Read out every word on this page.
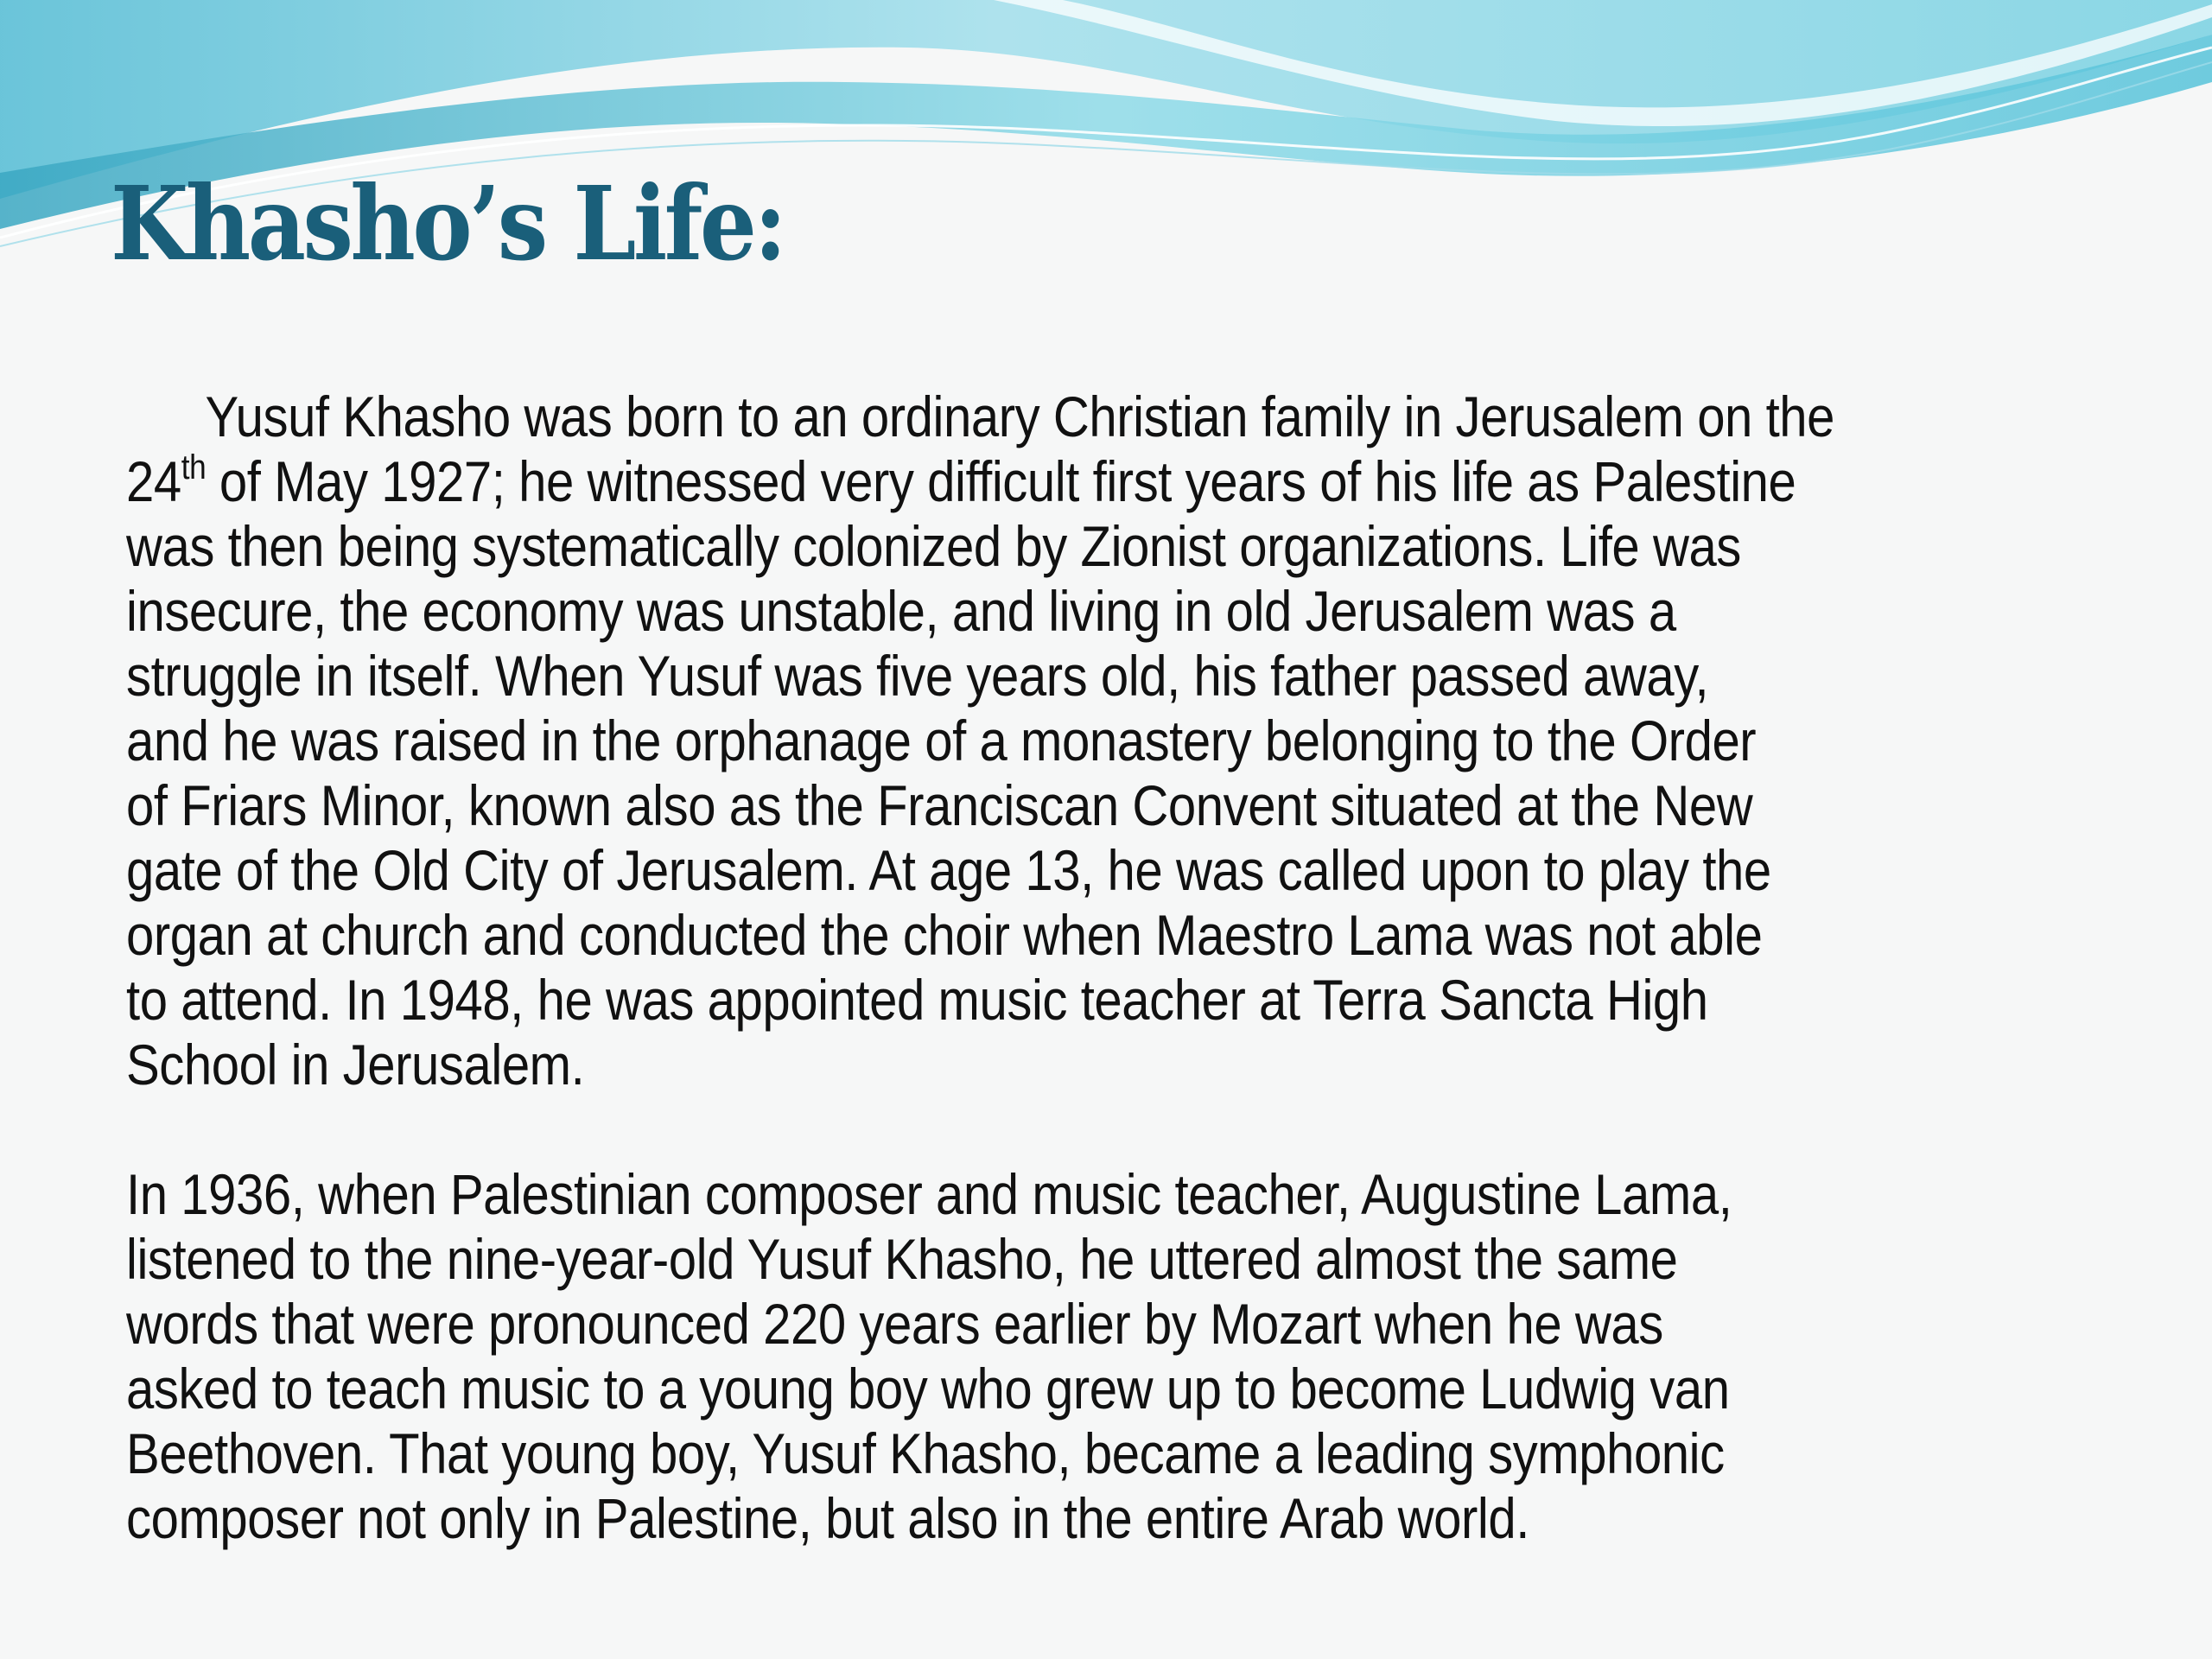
Khasho’s Life:

Yusuf Khasho was born to an ordinary Christian family in Jerusalem on the
24th of May 1927; he witnessed very difficult first years of his life as Palestine
was then being systematically colonized by Zionist organizations. Life was
insecure, the economy was unstable, and living in old Jerusalem was a
struggle in itself. When Yusuf was five years old, his father passed away,
and he was raised in the orphanage of a monastery belonging to the Order
of Friars Minor, known also as the Franciscan Convent situated at the New
gate of the Old City of Jerusalem. At age 13, he was called upon to play the
organ at church and conducted the choir when Maestro Lama was not able
to attend. In 1948, he was appointed music teacher at Terra Sancta High
School in Jerusalem.

In 1936, when Palestinian composer and music teacher, Augustine Lama,
listened to the nine-year-old Yusuf Khasho, he uttered almost the same
words that were pronounced 220 years earlier by Mozart when he was
asked to teach music to a young boy who grew up to become Ludwig van
Beethoven. That young boy, Yusuf Khasho, became a leading symphonic
composer not only in Palestine, but also in the entire Arab world.
